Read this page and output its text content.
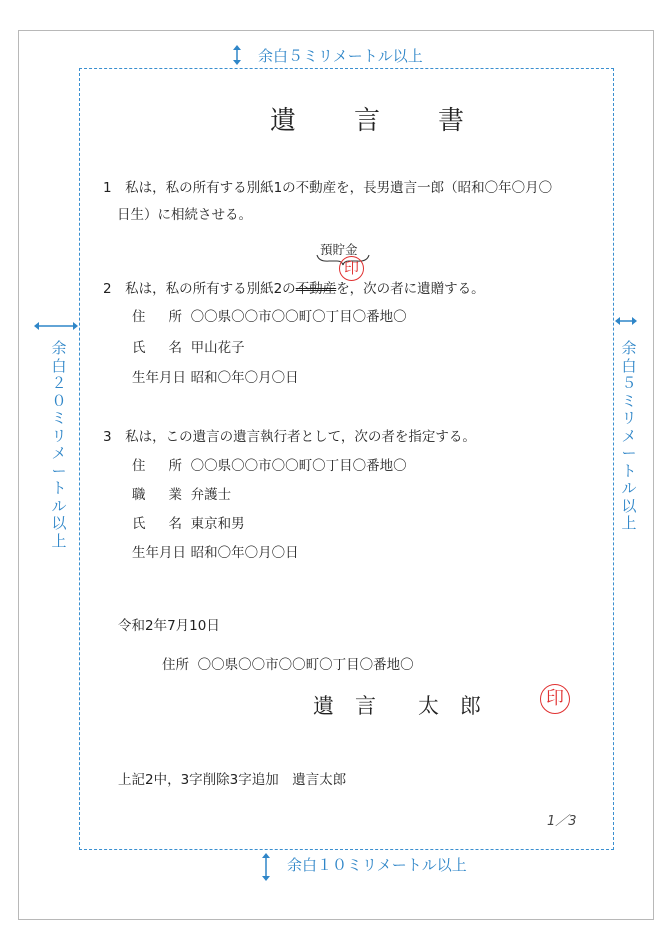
余白５ミリメートル以上
余白１０ミリメートル以上
余白２０ミリメートル以上
余白５ミリメートル以上
遺　言　書
1　私は，私の所有する別紙1の不動産を，長男遺言一郎（昭和〇年〇月〇
日生）に相続させる。
預貯金
印
2　私は，私の所有する別紙2の不動産を，次の者に遺贈する。
住所 〇〇県〇〇市〇〇町〇丁目〇番地〇
氏名 甲山花子
生年月日 昭和〇年〇月〇日
3　私は，この遺言の遺言執行者として，次の者を指定する。
住所 〇〇県〇〇市〇〇町〇丁目〇番地〇
職業 弁護士
氏名 東京和男
生年月日 昭和〇年〇月〇日
令和2年7月10日
住所 〇〇県〇〇市〇〇町〇丁目〇番地〇
遺　言　　太　郎	印
上記2中，3字削除3字追加　遺言太郎
1／3
